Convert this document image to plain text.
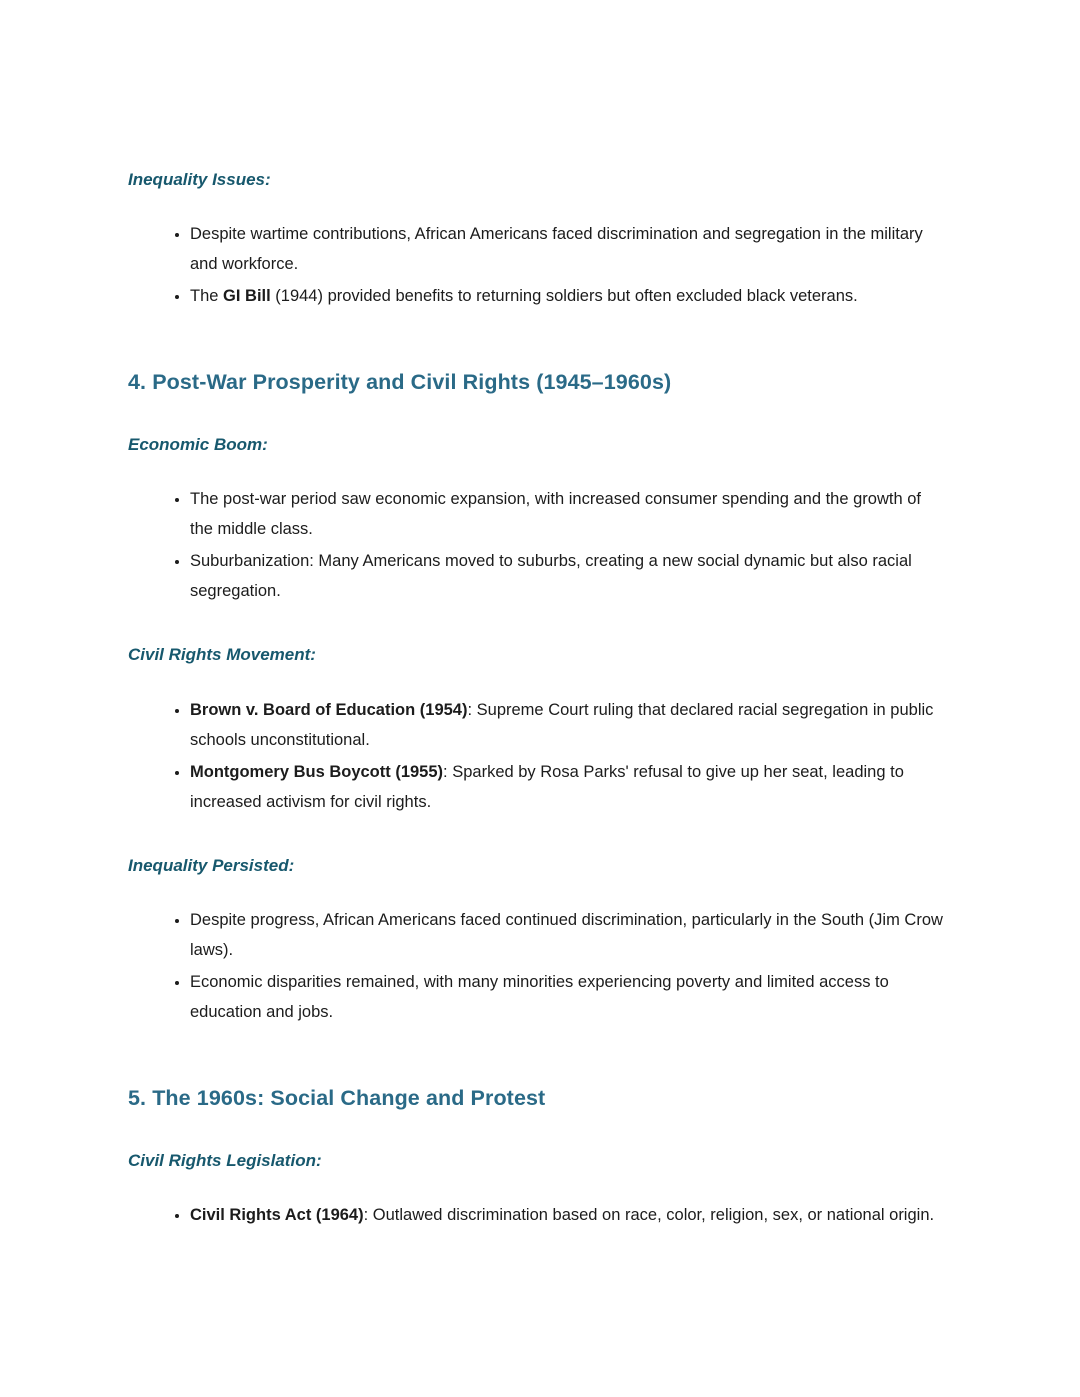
Inequality Issues:
• Despite wartime contributions, African Americans faced discrimination and segregation in the military and workforce.
• The GI Bill (1944) provided benefits to returning soldiers but often excluded black veterans.
4. Post-War Prosperity and Civil Rights (1945–1960s)
Economic Boom:
• The post-war period saw economic expansion, with increased consumer spending and the growth of the middle class.
• Suburbanization: Many Americans moved to suburbs, creating a new social dynamic but also racial segregation.
Civil Rights Movement:
• Brown v. Board of Education (1954): Supreme Court ruling that declared racial segregation in public schools unconstitutional.
• Montgomery Bus Boycott (1955): Sparked by Rosa Parks' refusal to give up her seat, leading to increased activism for civil rights.
Inequality Persisted:
• Despite progress, African Americans faced continued discrimination, particularly in the South (Jim Crow laws).
• Economic disparities remained, with many minorities experiencing poverty and limited access to education and jobs.
5. The 1960s: Social Change and Protest
Civil Rights Legislation:
• Civil Rights Act (1964): Outlawed discrimination based on race, color, religion, sex, or national origin.
